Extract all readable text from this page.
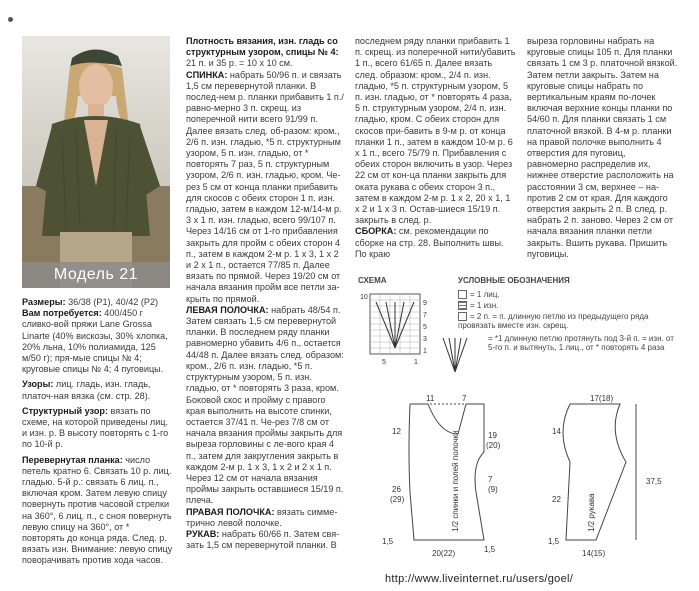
Модель 21

Размеры: 36/38 (P1), 40/42 (P2)

Вам потребуется: 400/450 г сливко-вой пряжи Lane Grossa Linarte (40% вискозы, 30% хлопка, 20% льна, 10% полиамида, 125 м/50 г); пря-мые спицы № 4; круговые спицы № 4; 4 пуговицы.

Узоры: лиц. гладь, изн. гладь, платоч-ная вязка (см. стр. 28).

Структурный узор: вязать по схеме, на которой приведены лиц. и изн. р. В высоту повторять с 1-го по 10-й р.

Перевернутая планка: число петель кратно 6. Связать 10 р. лиц. гладью. 5-й р.: связать 6 лиц. п., включая кром. Затем левую спицу повернуть против часовой стрелки на 360°, 6 лиц. п., с сноя повернуть левую спицу на 360°, от * повторять до конца ряда. След. р. вязать изн. Внимание: левую спицу поворачивать против хода часов.

Плотность вязания, изн. гладь со структурным узором, спицы № 4: 21 п. и 35 р. = 10 х 10 см.

СПИНКА: набрать 50/96 п. и связать 1,5 см перевернутой планки. В послед-нем р. планки прибавить 1 п./равно-мерно 3 п. скрещ. из поперечной нити всего 91/99 п. Далее вязать след. об-разом: кром., 2/6 п. изн. гладью, *5 п. структурным узором, 5 п. изн. гладью, от * повторять 7 раз, 5 п. структурным узором, 2/6 п. изн. гладью, кром. Че-рез 5 см от конца планки прибавить для скосов с обеих сторон 1 п. изн. гладью, затем в каждом 12-м/14-м р. 3 х 1 п. изн. гладью, всего 99/107 п. Через 14/16 см от 1-го прибавления закрыть для пройм с обеих сторон 4 п., затем в каждом 2-м р. 1 х 3, 1 х 2 и 2 х 1 п., остается 77/85 п. Далее вязать по прямой. Через 19/20 см от начала вязания пройм все петли за-крыть по прямой.

ЛЕВАЯ ПОЛОЧКА: набрать 48/54 п. Затем связать 1,5 см перевернутой планки. В последнем ряду планки равномерно убавить 4/6 п., остается 44/48 п. Далее вязать след. образом: кром., 2/6 п. изн. гладью, *5 п. структурным узором, 5 п. изн. гладью, от * повторять 3 раза, кром. Боковой скос и пройму с правого края выполнить на высоте спинки, остается 37/41 п. Че-рез 7/8 см от начала вязания проймы закрыть для выреза горловины с ле-вого края 4 п., затем для закругления закрыть в каждом 2-м р. 1 х 3, 1 х 2 и 2 х 1 п. Через 12 см от начала вязания проймы закрыть оставшиеся 15/19 п. плеча.

ПРАВАЯ ПОЛОЧКА: вязать симме-трично левой полочке.

РУКАВ: набрать 60/66 п. Затем свя-зать 1,5 см перевернутой планки. В

последнем ряду планки прибавить 1 п. скрещ. из поперечной нити/убавить 1 п., всего 61/65 п. Далее вязать след. образом: кром., 2/4 п. изн. гладью, *5 п. структурным узором, 5 п. изн. гладью, от * повторять 4 раза, 5 п. структурным узором, 2/4 п. изн. гладью, кром. С обеих сторон для скосов при-бавить в 9-м р. от конца планки 1 п., затем в каждом 10-м р. 6 х 1 п., всего 75/79 п. Прибавления с обеих сторон включить в узор. Через 22 см от кон-ца планки закрыть для оката рукава с обеих сторон 3 п., затем в каждом 2-м р. 1 х 2, 20 х 1, 1 х 2 и 1 х 3 п. Остав-шиеся 15/19 п. закрыть в след. р.

СБОРКА: см. рекомендации по сборке на стр. 28. Выполнить швы. По краю

выреза горловины набрать на круговые спицы 105 п. Для планки связать 1 см 3 р. платочной вязкой. Затем петли закрыть. Затем на круговые спицы набрать по вертикальным краям по-лочек включая верхние концы планки по 54/60 п. Для планки связать 1 см платочной вязкой. В 4-м р. планки на правой полочке выполнить 4 отверстия для пуговиц, равномерно распределив их, нижнее отверстие расположить на расстоянии 3 см, верхнее – на-против 2 см от края. Для каждого отверстия закрыть 2 п. В след. р. набрать 2 п. заново. Через 2 см от начала вязания планки петли закрыть. Вшить рукава. Пришить пуговицы.

СХЕМА
10
9
7
5
3
1
5	1
УСЛОВНЫЕ ОБОЗНАЧЕНИЯ
= 1 лиц.
= 1 изн.
= 2 п. = п. длинную петлю из предыдущего ряда провязать вместе изн. скрещ.
= *1 длинную петлю протянуть под 3-й п. = изн. от 5-го п. и вытянуть, 1 лиц., от * повторять 4 раза
11	7
12
26
(29)
19
(20)
7
(9)
1,5
20(22)	1,5
1/2 спинки и полей полочки
17(18)
14
22
37,5
1,5
14(15)
1/2 рукава
http://www.liveinternet.ru/users/goel/
